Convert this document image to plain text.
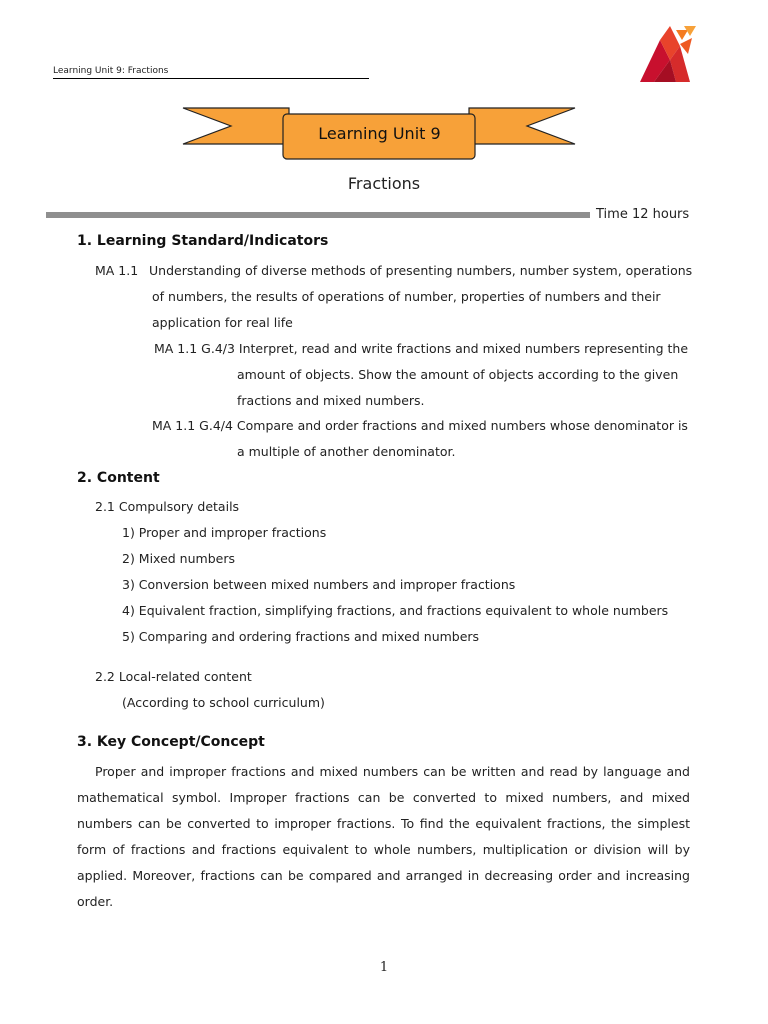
Learning Unit 9: Fractions
Learning Unit 9
Fractions
Time 12 hours
1. Learning Standard/Indicators
MA 1.1 Understanding of diverse methods of presenting numbers, number system, operations
of numbers, the results of operations of number, properties of numbers and their
application for real life
MA 1.1 G.4/3 Interpret, read and write fractions and mixed numbers representing the
amount of objects. Show the amount of objects according to the given
fractions and mixed numbers.
MA 1.1 G.4/4 Compare and order fractions and mixed numbers whose denominator is
a multiple of another denominator.
2. Content
2.1 Compulsory details
1) Proper and improper fractions
2) Mixed numbers
3) Conversion between mixed numbers and improper fractions
4) Equivalent fraction, simplifying fractions, and fractions equivalent to whole numbers
5) Comparing and ordering fractions and mixed numbers
2.2 Local-related content
(According to school curriculum)
3. Key Concept/Concept
Proper and improper fractions and mixed numbers can be written and read by language and mathematical symbol. Improper fractions can be converted to mixed numbers, and mixed numbers can be converted to improper fractions. To find the equivalent fractions, the simplest form of fractions and fractions equivalent to whole numbers, multiplication or division will by applied. Moreover, fractions can be compared and arranged in decreasing order and increasing order.
1
